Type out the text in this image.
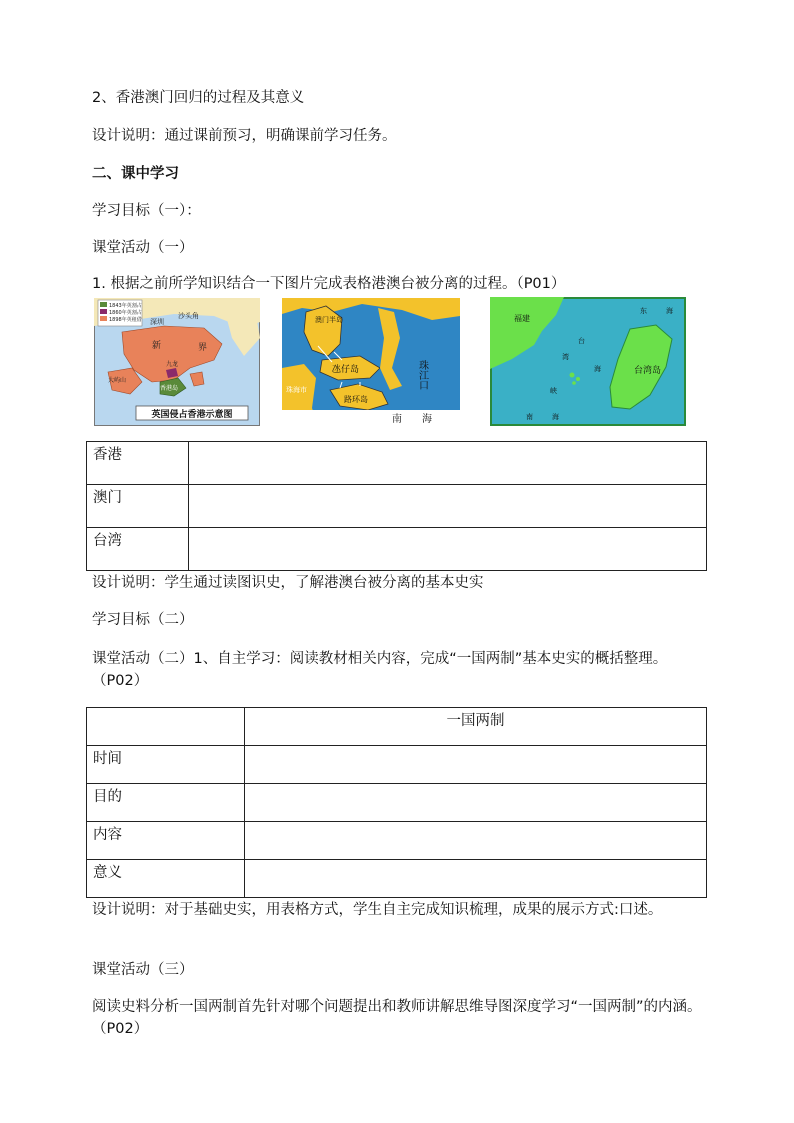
2、香港澳门回归的过程及其意义
设计说明：通过课前预习，明确课前学习任务。
二、课中学习
学习目标（一）：
课堂活动（一）
1. 根据之前所学知识结合一下图片完成表格港澳台被分离的过程。（P01）
1843年英割占
1860年英割占
1898年英租借 深圳
沙头角
新	界
九龙
香港岛
大屿山
英国侵占香港示意图
澳门半岛
氹仔岛
路环岛
珠江口
珠海市
南 海
福建
东	海
台
湾
海
峡
台湾岛
南	海
香港	
澳门	
台湾	
设计说明：学生通过读图识史，了解港澳台被分离的基本史实
学习目标（二）
课堂活动（二）1、自主学习：阅读教材相关内容，完成“一国两制”基本史实的概括整理。（P02）
	一国两制
时间	
目的	
内容	
意义	
设计说明：对于基础史实，用表格方式，学生自主完成知识梳理，成果的展示方式:口述。
课堂活动（三）
阅读史料分析一国两制首先针对哪个问题提出和教师讲解思维导图深度学习“一国两制”的内涵。（P02）
